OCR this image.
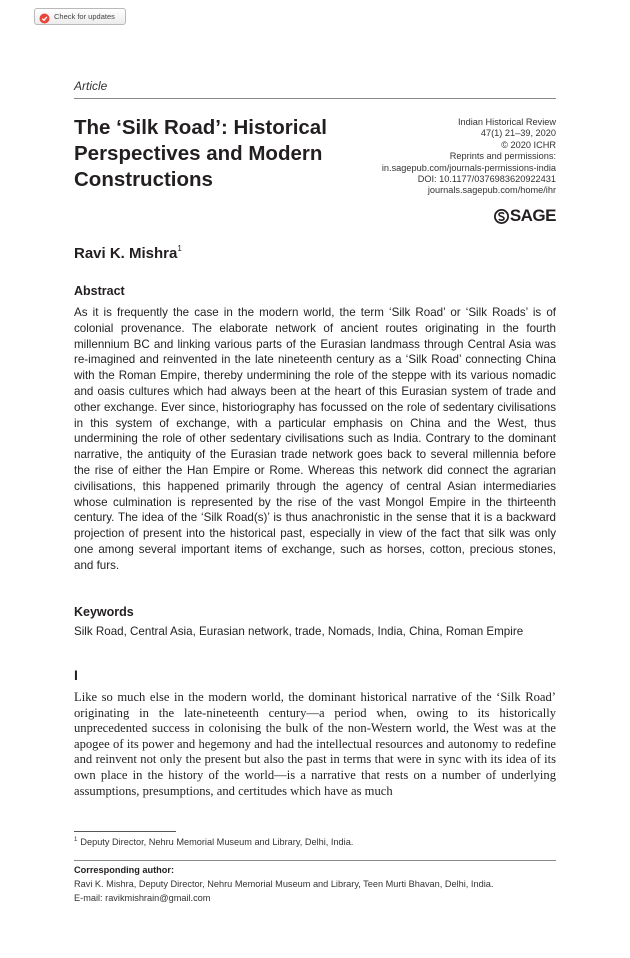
Check for updates
Article
The ‘Silk Road’: Historical
Perspectives and Modern
Constructions
Indian Historical Review
47(1) 21–39, 2020
© 2020 ICHR
Reprints and permissions:
in.sagepub.com/journals-permissions-india
DOI: 10.1177/0376983620922431
journals.sagepub.com/home/ihr
SAGE
Ravi K. Mishra$^1$
Abstract
As it is frequently the case in the modern world, the term ‘Silk Road’ or ‘Silk Roads’ is of colonial provenance. The elaborate network of ancient routes originating in the fourth millennium BC and linking various parts of the Eurasian landmass through Central Asia was re-imagined and reinvented in the late nineteenth century as a ‘Silk Road’ connecting China with the Roman Empire, thereby undermining the role of the steppe with its various nomadic and oasis cultures which had always been at the heart of this Eurasian system of trade and other exchange. Ever since, historiography has focussed on the role of sedentary civilisations in this system of exchange, with a particular emphasis on China and the West, thus undermining the role of other sedentary civilisations such as India. Contrary to the dominant narrative, the antiquity of the Eurasian trade network goes back to several millennia before the rise of either the Han Empire or Rome. Whereas this network did connect the agrarian civilisations, this happened primarily through the agency of central Asian intermediaries whose culmination is represented by the rise of the vast Mongol Empire in the thirteenth century. The idea of the ‘Silk Road(s)’ is thus anachronistic in the sense that it is a backward projection of present into the historical past, especially in view of the fact that silk was only one among several important items of exchange, such as horses, cotton, precious stones, and furs.
Keywords
Silk Road, Central Asia, Eurasian network, trade, Nomads, India, China, Roman Empire
I
Like so much else in the modern world, the dominant historical narrative of the ‘Silk Road’ originating in the late-nineteenth century—a period when, owing to its historically unprecedented success in colonising the bulk of the non-Western world, the West was at the apogee of its power and hegemony and had the intellectual resources and autonomy to redefine and reinvent not only the present but also the past in terms that were in sync with its idea of its own place in the history of the world—is a narrative that rests on a number of underlying assumptions, presumptions, and certitudes which have as much
$^1$ Deputy Director, Nehru Memorial Museum and Library, Delhi, India.
Corresponding author:
Ravi K. Mishra, Deputy Director, Nehru Memorial Museum and Library, Teen Murti Bhavan, Delhi, India.
E-mail: ravikmishrain@gmail.com
